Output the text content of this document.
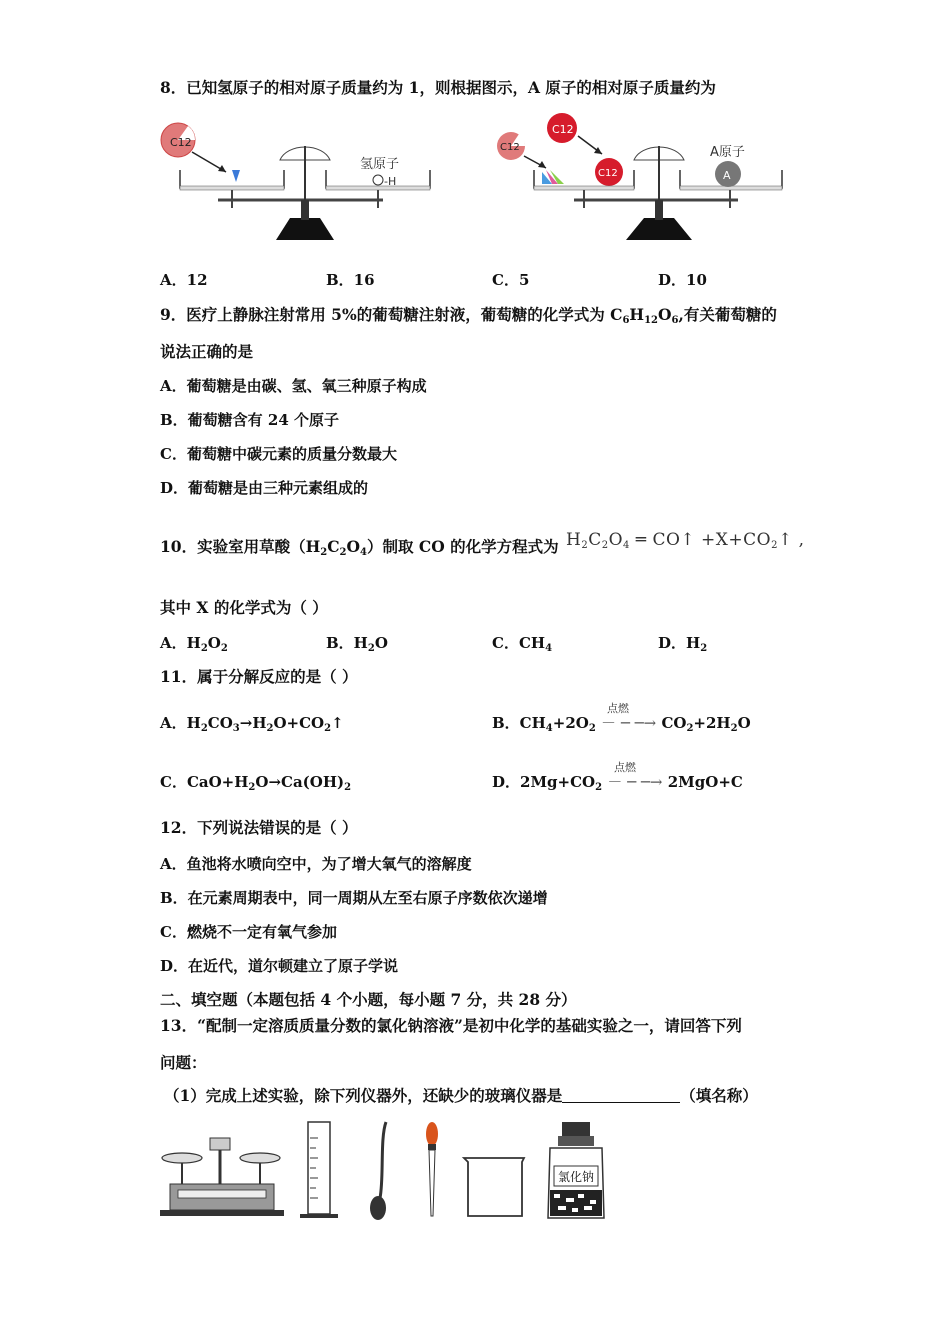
8．已知氢原子的相对原子质量约为 1，则根据图示，A 原子的相对原子质量约为
C12
氢原子
-H
C12
C12
C12
A原子
A
A．12	B．16	C．5	D．10
9．医疗上静脉注射常用 5%的葡萄糖注射液，葡萄糖的化学式为 $C_6H_{12}O_6$,有关葡萄糖的
说法正确的是
A．葡萄糖是由碳、氢、氧三种原子构成
B．葡萄糖含有 24 个原子
C．葡萄糖中碳元素的质量分数最大
D．葡萄糖是由三种元素组成的
10．实验室用草酸$(H_2C_2O_4)$制取 CO 的化学方程式为 $H_2C_2O_4$ ═ CO↑ $+X+CO_2↑$ ,
其中 X 的化学式为（ ）
A．$H_2O_2$	B．$H_2O$	C．$CH_4$	D．$H_2$
11．属于分解反应的是（ ）
A．$H_2CO_3\to H_2O+CO_2↑$	B．$CH_4+2O_2$ － ─ ─→ $CO_2+2H_2O$
点燃
C．$CaO+H_2O\to Ca(OH)_2$	D．$2Mg+CO_2$ － ─ ─→ 2MgO+C
点燃
12．下列说法错误的是（ ）
A．鱼池将水喷向空中，为了增大氧气的溶解度
B．在元素周期表中，同一周期从左至右原子序数依次递增
C．燃烧不一定有氧气参加
D．在近代，道尔顿建立了原子学说
二、填空题（本题包括 4 个小题，每小题 7 分，共 28 分）
13．“配制一定溶质质量分数的氯化钠溶液”是初中化学的基础实验之一，请回答下列
问题：
（1）完成上述实验，除下列仪器外，还缺少的玻璃仪器是	（填名称）
氯化钠
